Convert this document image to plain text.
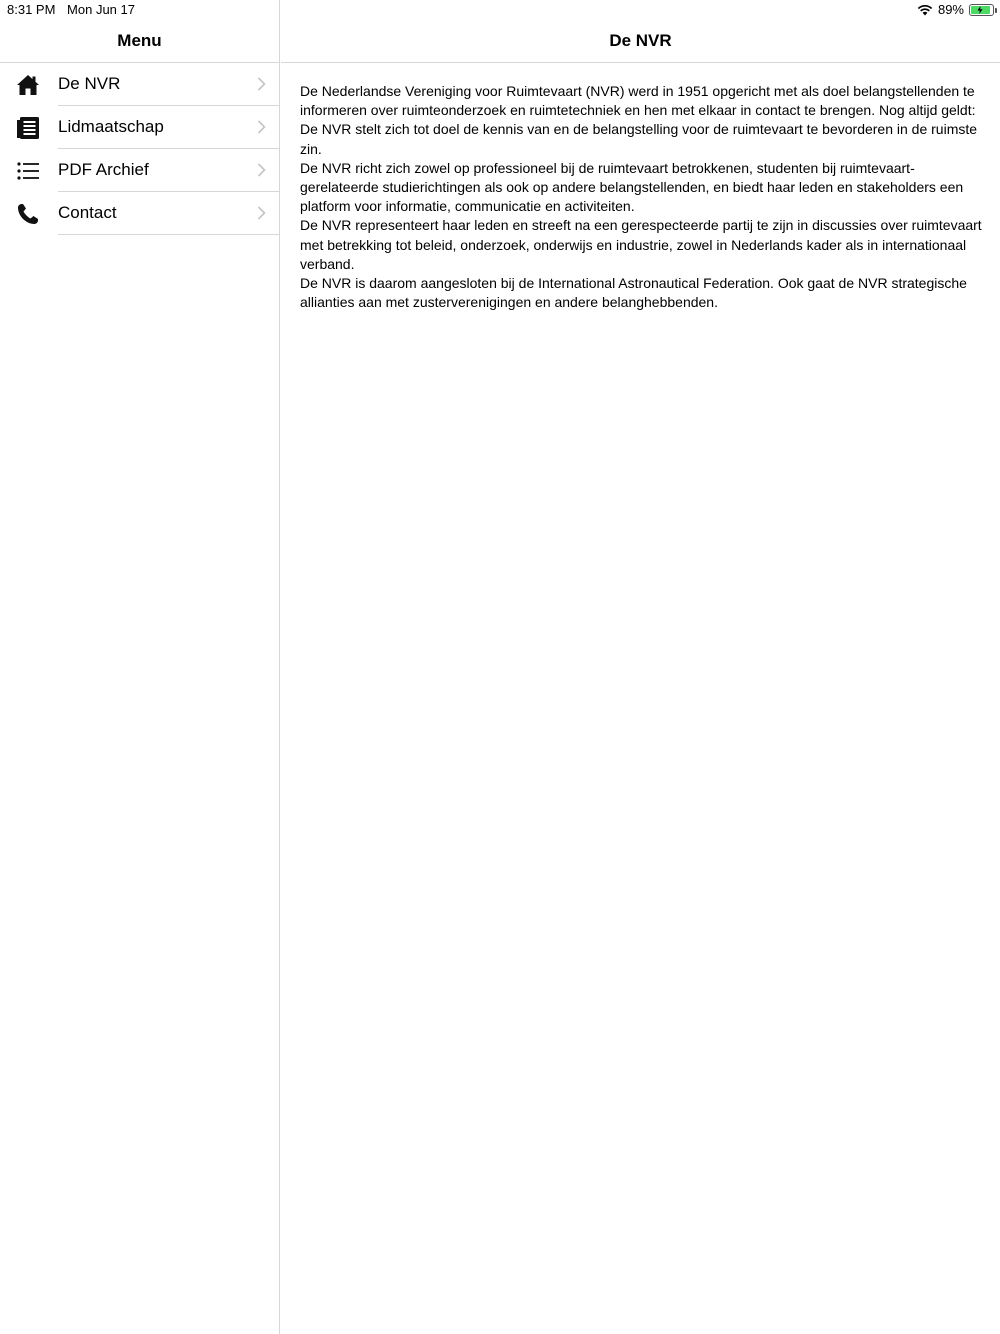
Menu
De NVR
Lidmaatschap
PDF Archief
Contact
De NVR

De Nederlandse Vereniging voor Ruimtevaart (NVR) werd in 1951 opgericht met als doel belangstellenden te informeren over ruimteonderzoek en ruimtetechniek en hen met elkaar in contact te brengen. Nog altijd geldt:

De NVR stelt zich tot doel de kennis van en de belangstelling voor de ruimtevaart te bevorderen in de ruimste zin.

De NVR richt zich zowel op professioneel bij de ruimtevaart betrokkenen, studenten bij ruimtevaart-gerelateerde studierichtingen als ook op andere belangstellenden, en biedt haar leden en stakeholders een platform voor informatie, communicatie en activiteiten.

De NVR representeert haar leden en streeft na een gerespecteerde partij te zijn in discussies over ruimtevaart met betrekking tot beleid, onderzoek, onderwijs en industrie, zowel in Nederlands kader als in internationaal verband.

De NVR is daarom aangesloten bij de International Astronautical Federation. Ook gaat de NVR strategische allianties aan met zusterverenigingen en andere belanghebbenden.

8:31 PM Mon Jun 17	89%
